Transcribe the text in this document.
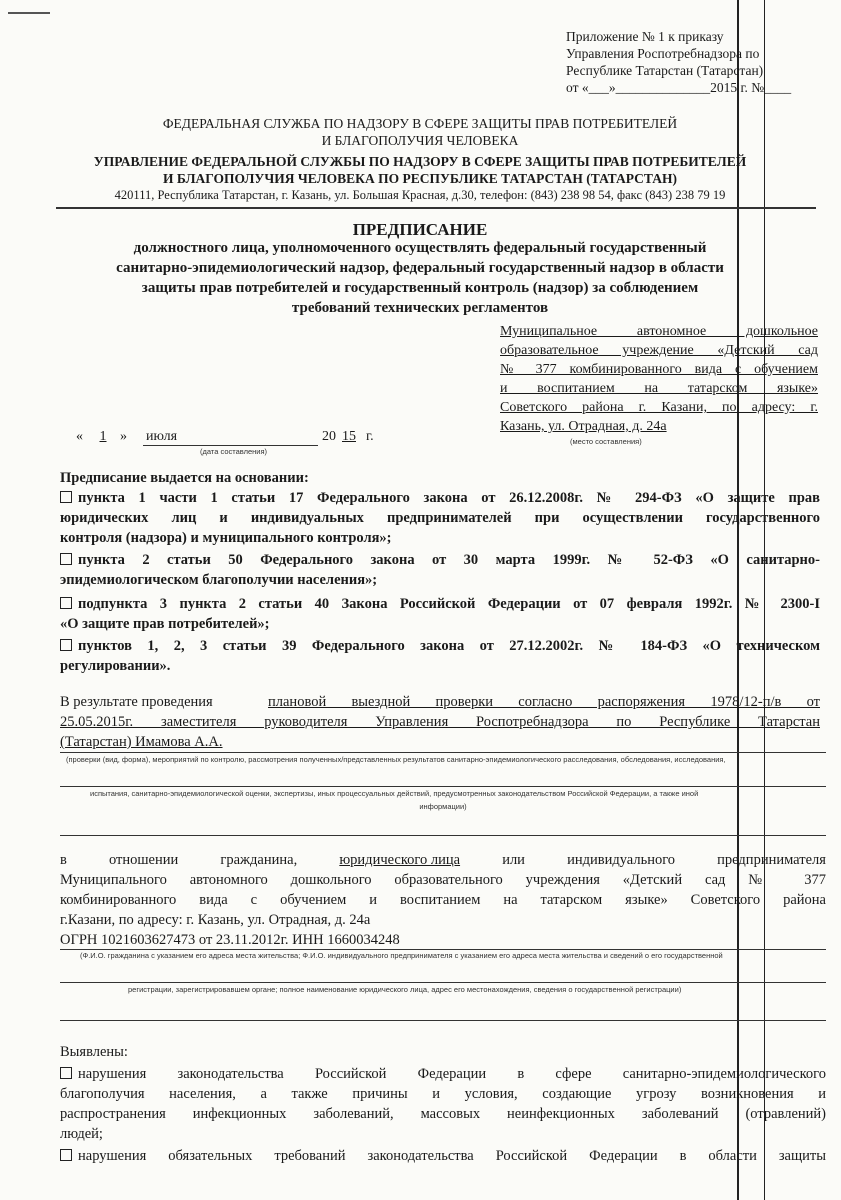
Приложение № 1 к приказу
Управления Роспотребнадзора по
Республике Татарстан (Татарстан)
от «___»______________2015 г. №____
ФЕДЕРАЛЬНАЯ СЛУЖБА ПО НАДЗОРУ В СФЕРЕ ЗАЩИТЫ ПРАВ ПОТРЕБИТЕЛЕЙ
И БЛАГОПОЛУЧИЯ ЧЕЛОВЕКА
УПРАВЛЕНИЕ ФЕДЕРАЛЬНОЙ СЛУЖБЫ ПО НАДЗОРУ В СФЕРЕ ЗАЩИТЫ ПРАВ ПОТРЕБИТЕЛЕЙ
И БЛАГОПОЛУЧИЯ ЧЕЛОВЕКА ПО РЕСПУБЛИКЕ ТАТАРСТАН (ТАТАРСТАН)
420111, Республика Татарстан, г. Казань, ул. Большая Красная, д.30, телефон: (843) 238 98 54, факс (843) 238 79 19
ПРЕДПИСАНИЕ
должностного лица, уполномоченного осуществлять федеральный государственный
санитарно-эпидемиологический надзор, федеральный государственный надзор в области
защиты прав потребителей и государственный контроль (надзор) за соблюдением
требований технических регламентов
Муниципальное автономное дошкольное
образовательное учреждение «Детский сад
№ 377 комбинированного вида с обучением
и воспитанием на татарском языке»
Советского района г. Казани, по адресу: г.
Казань, ул. Отрадная, д. 24а
(место составления)
«	1 » июля	20 15 г.
(дата составления)
Предписание выдается на основании:
пункта 1 части 1 статьи 17 Федерального закона от 26.12.2008г. № 294-ФЗ «О защите прав
юридических лиц и индивидуальных предпринимателей при осуществлении государственного
контроля (надзора) и муниципального контроля»;
пункта 2 статьи 50 Федерального закона от 30 марта 1999г. № 52-ФЗ «О санитарно-
эпидемиологическом благополучии населения»;
подпункта 3 пункта 2 статьи 40 Закона Российской Федерации от 07 февраля 1992г. № 2300-I
«О защите прав потребителей»;
пунктов 1, 2, 3 статьи 39 Федерального закона от 27.12.2002г. № 184-ФЗ «О техническом
регулировании».
В результате проведения	плановой выездной проверки согласно распоряжения 1978/12-п/в от
25.05.2015г. заместителя руководителя Управления Роспотребнадзора по Республике Татарстан
(Татарстан) Имамова А.А.
(проверки (вид, форма), мероприятий по контролю, рассмотрения полученных/представленных результатов санитарно-эпидемиологического расследования, обследования, исследования,
испытания, санитарно-эпидемиологической оценки, экспертизы, иных процессуальных действий, предусмотренных законодательством Российской Федерации, а также иной
информации)
в	отношении	гражданина,	юридического лица	или	индивидуального	предпринимателя
Муниципального автономного дошкольного образовательного учреждения «Детский сад № 377
комбинированного вида с обучением и воспитанием на татарском языке» Советского района
г.Казани, по адресу: г. Казань, ул. Отрадная, д. 24а
ОГРН 1021603627473 от 23.11.2012г. ИНН 1660034248
(Ф.И.О. гражданина с указанием его адреса места жительства; Ф.И.О. индивидуального предпринимателя с указанием его адреса места жительства и сведений о его государственной
регистрации, зарегистрировавшем органе; полное наименование юридического лица, адрес его местонахождения, сведения о государственной регистрации)
Выявлены:
нарушения законодательства Российской Федерации в сфере санитарно-эпидемиологического
благополучия населения, а также причины и условия, создающие угрозу возникновения и
распространения инфекционных заболеваний, массовых неинфекционных заболеваний (отравлений)
людей;
нарушения обязательных требований законодательства Российской Федерации в области защиты
